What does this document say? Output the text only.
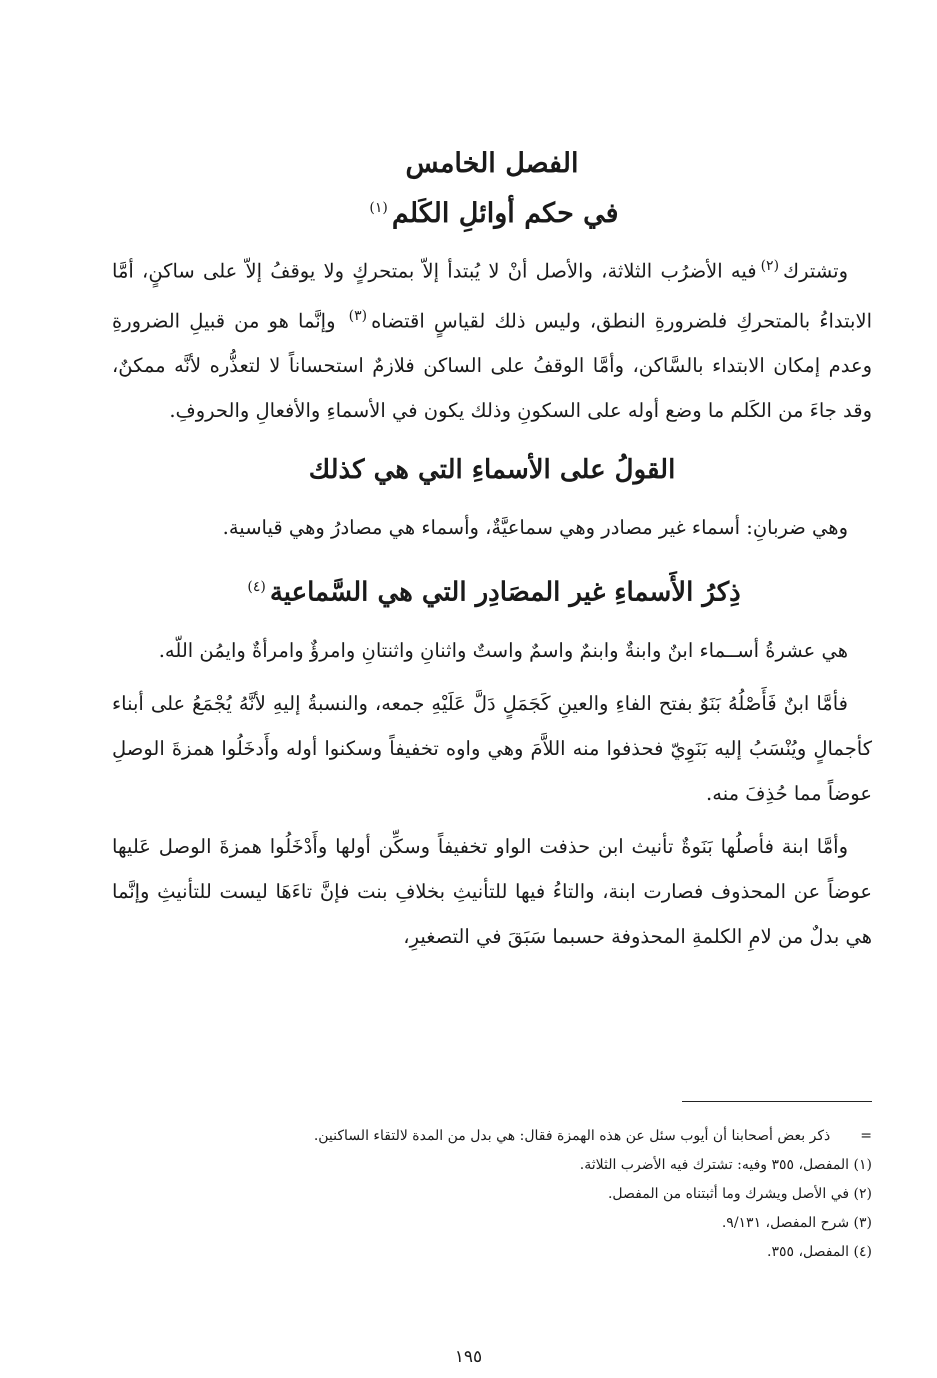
الفصل الخامس
في حكم أوائلِ الكَلم$^{(١)}$

وتشترك$^{(٢)}$فيه الأضرُب الثلاثة، والأصل أنْ لا يُبتدأ إلاّ بمتحركٍ ولا يوقفُ إلاّ على ساكنٍ، أمَّا الابتداءُ بالمتحركِ فلضرورةِ النطق، وليس ذلك لقياسٍ اقتضاه$^{(٣)}$ وإنَّما هو من قبيلِ الضرورةِ وعدم إمكان الابتداء بالسَّاكن، وأمَّا الوقفُ على الساكن فلازمٌ استحساناً لا لتعذُّره لأنَّه ممكنٌ، وقد جاءَ من الكَلم ما وضع أوله على السكونِ وذلك يكون في الأسماءِ والأفعالِ والحروفِ.

القولُ على الأسماءِ التي هي كذلك

وهي ضربانِ: أسماء غير مصادر وهي سماعيَّةٌ، وأسماء هي مصادرُ وهي قياسية.

ذِكرُ الأَسماءِ غير المصَادِر التي هي السَّماعية$^{(٤)}$

هي عشرةُ أســماء ابنٌ وابنةٌ وابنمٌ واسمٌ واستٌ واثنانِ واثنتانِ وامرؤٌ وامرأةٌ وايمُن اللّه.

فأمَّا ابنٌ فَأَصْلُهُ بَنَوٌ بفتح الفاءِ والعينِ كَجَمَلٍ دَلَّ عَلَيْهِ جمعه، والنسبةُ إليهِ لأنَّهُ يُجْمَعُ على أبناء كأجمالٍ ويُنْسَبُ إليه بَنَوِيّ فحذفوا منه اللاَّمَ وهي واوه تخفيفاً وسكنوا أوله وأَدخَلُوا همزةَ الوصلِ عوضاً مما حُذِفَ منه.

وأمَّا ابنة فأصلُها بَنَوةٌ تأنيث ابن حذفت الواو تخفيفاً وسكِّن أولها وأَدْخَلُوا همزةَ الوصل عَليها عوضاً عن المحذوف فصارت ابنة، والتاءُ فيها للتأنيثِ بخلافِ بنت فإنَّ تاءَهَا ليست للتأنيثِ وإنَّما هي بدلٌ من لامِ الكلمةِ المحذوفة حسبما سَبَقَ في التصغيرِ،

=ذكر بعض أصحابنا أن أيوب سئل عن هذه الهمزة فقال: هي بدل من المدة لالتقاء الساكنين.

(١) المفصل، ٣٥٥ وفيه: تشترك فيه الأضرب الثلاثة.

(٢) في الأصل ويشرك وما أثبتناه من المفصل.

(٣) شرح المفصل، ٩/١٣١.

(٤) المفصل، ٣٥٥.

١٩٥
